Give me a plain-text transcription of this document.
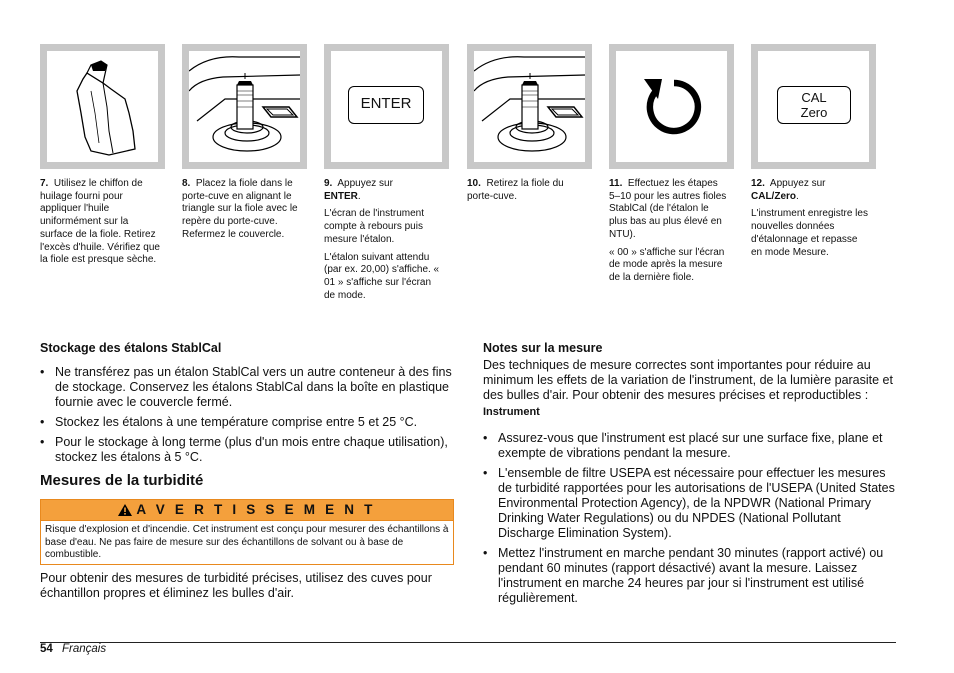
ENTER	CAL
Zero

7. Utilisez le chiffon de huilage fourni pour appliquer l'huile uniformément sur la surface de la fiole. Retirez l'excès d'huile. Vérifiez que la fiole est presque sèche.

8. Placez la fiole dans le porte-cuve en alignant le triangle sur la fiole avec le repère du porte-cuve. Refermez le couvercle.

9. Appuyez sur
ENTER.

L'écran de l'instrument compte à rebours puis mesure l'étalon.

L'étalon suivant attendu (par ex. 20,00) s'affiche. « 01 » s'affiche sur l'écran de mode.

10. Retirez la fiole du porte-cuve.

11. Effectuez les étapes 5–10 pour les autres fioles StablCal (de l'étalon le plus bas au plus élevé en NTU).

« 00 » s'affiche sur l'écran de mode après la mesure de la dernière fiole.

12. Appuyez sur
CAL/Zero.

L'instrument enregistre les nouvelles données d'étalonnage et repasse en mode Mesure.

Stockage des étalons StablCal
• Ne transférez pas un étalon StablCal vers un autre conteneur à des fins de stockage. Conservez les étalons StablCal dans la boîte en plastique fournie avec le couvercle fermé.
• Stockez les étalons à une température comprise entre 5 et 25 °C.
• Pour le stockage à long terme (plus d'un mois entre chaque utilisation), stockez les étalons à 5 °C.
Mesures de la turbidité
A V E R T I S S E M E N T
Risque d'explosion et d'incendie. Cet instrument est conçu pour mesurer des échantillons à base d'eau. Ne pas faire de mesure sur des échantillons de solvant ou à base de combustible.
Pour obtenir des mesures de turbidité précises, utilisez des cuves pour échantillon propres et éliminez les bulles d'air.
Notes sur la mesure
Des techniques de mesure correctes sont importantes pour réduire au minimum les effets de la variation de l'instrument, de la lumière parasite et des bulles d'air. Pour obtenir des mesures précises et reproductibles :
Instrument
• Assurez-vous que l'instrument est placé sur une surface fixe, plane et exempte de vibrations pendant la mesure.
• L'ensemble de filtre USEPA est nécessaire pour effectuer les mesures de turbidité rapportées pour les autorisations de l'USEPA (United States Environmental Protection Agency), de la NPDWR (National Primary Drinking Water Regulations) ou du NPDES (National Pollutant Discharge Elimination System).
• Mettez l'instrument en marche pendant 30 minutes (rapport activé) ou pendant 60 minutes (rapport désactivé) avant la mesure. Laissez l'instrument en marche 24 heures par jour si l'instrument est utilisé régulièrement.
54 Français
